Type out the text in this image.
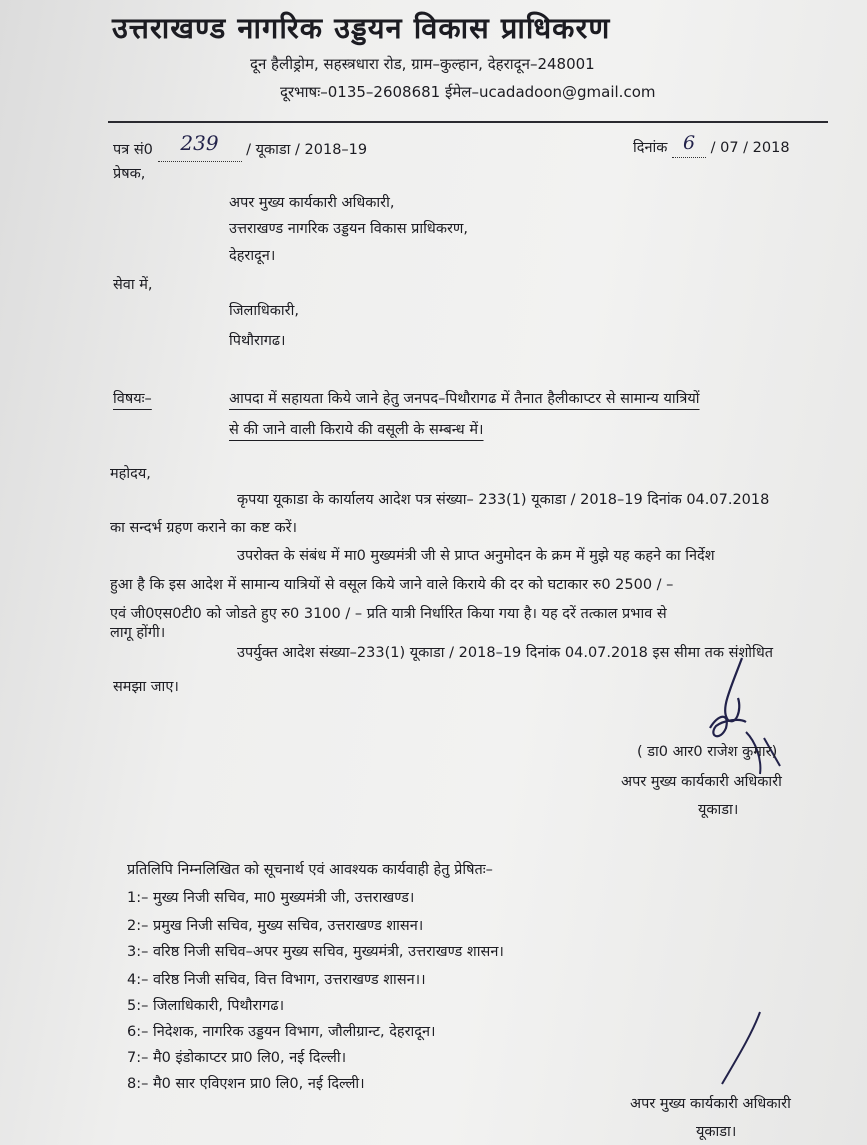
उत्तराखण्ड नागरिक उड्डयन विकास प्राधिकरण
दून हैलीड्रोम, सहस्त्रधारा रोड, ग्राम–कुल्हान, देहरादून–248001
दूरभाषः–0135–2608681 ईमेल–ucadadoon@gmail.com
पत्र सं0 239 / यूकाडा / 2018–19	दिनांक 6 / 07 / 2018
प्रेषक,
अपर मुख्य कार्यकारी अधिकारी,
उत्तराखण्ड नागरिक उड्डयन विकास प्राधिकरण,
देहरादून।
सेवा में,
जिलाधिकारी,
पिथौरागढ।
विषयः–	आपदा में सहायता किये जाने हेतु जनपद–पिथौरागढ में तैनात हैलीकाप्टर से सामान्य यात्रियों
से की जाने वाली किराये की वसूली के सम्बन्ध में।
महोदय,
कृपया यूकाडा के कार्यालय आदेश पत्र संख्या– 233(1) यूकाडा / 2018–19 दिनांक 04.07.2018
का सन्दर्भ ग्रहण कराने का कष्ट करें।
उपरोक्त के संबंध में मा0 मुख्यमंत्री जी से प्राप्त अनुमोदन के क्रम में मुझे यह कहने का निर्देश
हुआ है कि इस आदेश में सामान्य यात्रियों से वसूल किये जाने वाले किराये की दर को घटाकार रु0 2500 / –
एवं जी0एस0टी0 को जोडते हुए रु0 3100 / – प्रति यात्री निर्धारित किया गया है। यह दरें तत्काल प्रभाव से
लागू होंगी।
उपर्युक्त आदेश संख्या–233(1) यूकाडा / 2018–19 दिनांक 04.07.2018 इस सीमा तक संशोधित
समझा जाए।
( डा0 आर0 राजेश कुमार)
अपर मुख्य कार्यकारी अधिकारी
यूकाडा।
प्रतिलिपि निम्नलिखित को सूचनार्थ एवं आवश्यक कार्यवाही हेतु प्रेषितः–
1:– मुख्य निजी सचिव, मा0 मुख्यमंत्री जी, उत्तराखण्ड।
2:– प्रमुख निजी सचिव, मुख्य सचिव, उत्तराखण्ड शासन।
3:– वरिष्ठ निजी सचिव–अपर मुख्य सचिव, मुख्यमंत्री, उत्तराखण्ड शासन।
4:– वरिष्ठ निजी सचिव, वित्त विभाग, उत्तराखण्ड शासन।।
5:– जिलाधिकारी, पिथौरागढ।
6:– निदेशक, नागरिक उड्डयन विभाग, जौलीग्रान्ट, देहरादून।
7:– मै0 इंडोकाप्टर प्रा0 लि0, नई दिल्ली।
8:– मै0 सार एविएशन प्रा0 लि0, नई दिल्ली।
अपर मुख्य कार्यकारी अधिकारी
यूकाडा।
